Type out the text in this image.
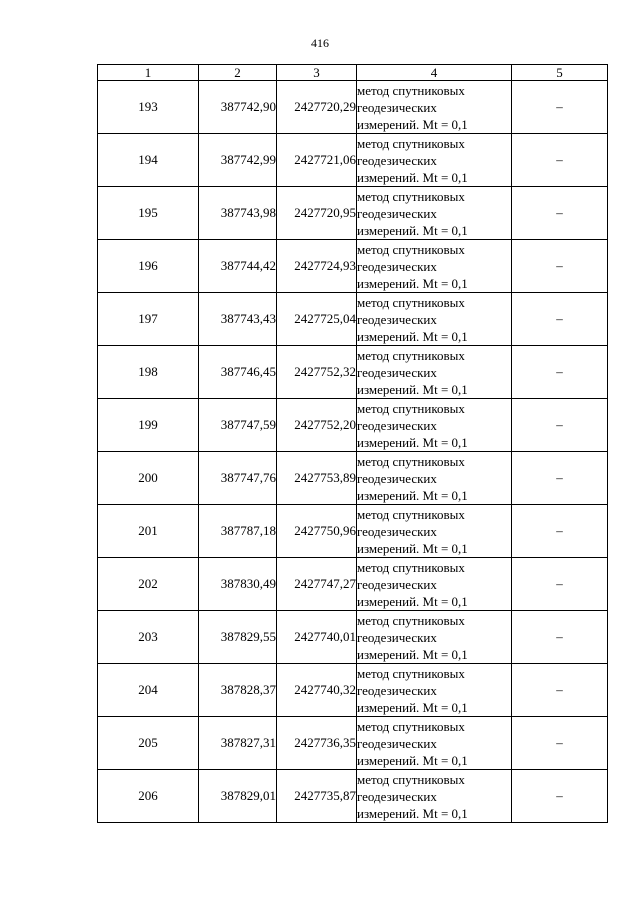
416
1	2	3	4	5
193	387742,90	2427720,29	метод спутниковых
геодезических
измерений. Mt = 0,1	–
194	387742,99	2427721,06	метод спутниковых
геодезических
измерений. Mt = 0,1	–
195	387743,98	2427720,95	метод спутниковых
геодезических
измерений. Mt = 0,1	–
196	387744,42	2427724,93	метод спутниковых
геодезических
измерений. Mt = 0,1	–
197	387743,43	2427725,04	метод спутниковых
геодезических
измерений. Mt = 0,1	–
198	387746,45	2427752,32	метод спутниковых
геодезических
измерений. Mt = 0,1	–
199	387747,59	2427752,20	метод спутниковых
геодезических
измерений. Mt = 0,1	–
200	387747,76	2427753,89	метод спутниковых
геодезических
измерений. Mt = 0,1	–
201	387787,18	2427750,96	метод спутниковых
геодезических
измерений. Mt = 0,1	–
202	387830,49	2427747,27	метод спутниковых
геодезических
измерений. Mt = 0,1	–
203	387829,55	2427740,01	метод спутниковых
геодезических
измерений. Mt = 0,1	–
204	387828,37	2427740,32	метод спутниковых
геодезических
измерений. Mt = 0,1	–
205	387827,31	2427736,35	метод спутниковых
геодезических
измерений. Mt = 0,1	–
206	387829,01	2427735,87	метод спутниковых
геодезических
измерений. Mt = 0,1	–
